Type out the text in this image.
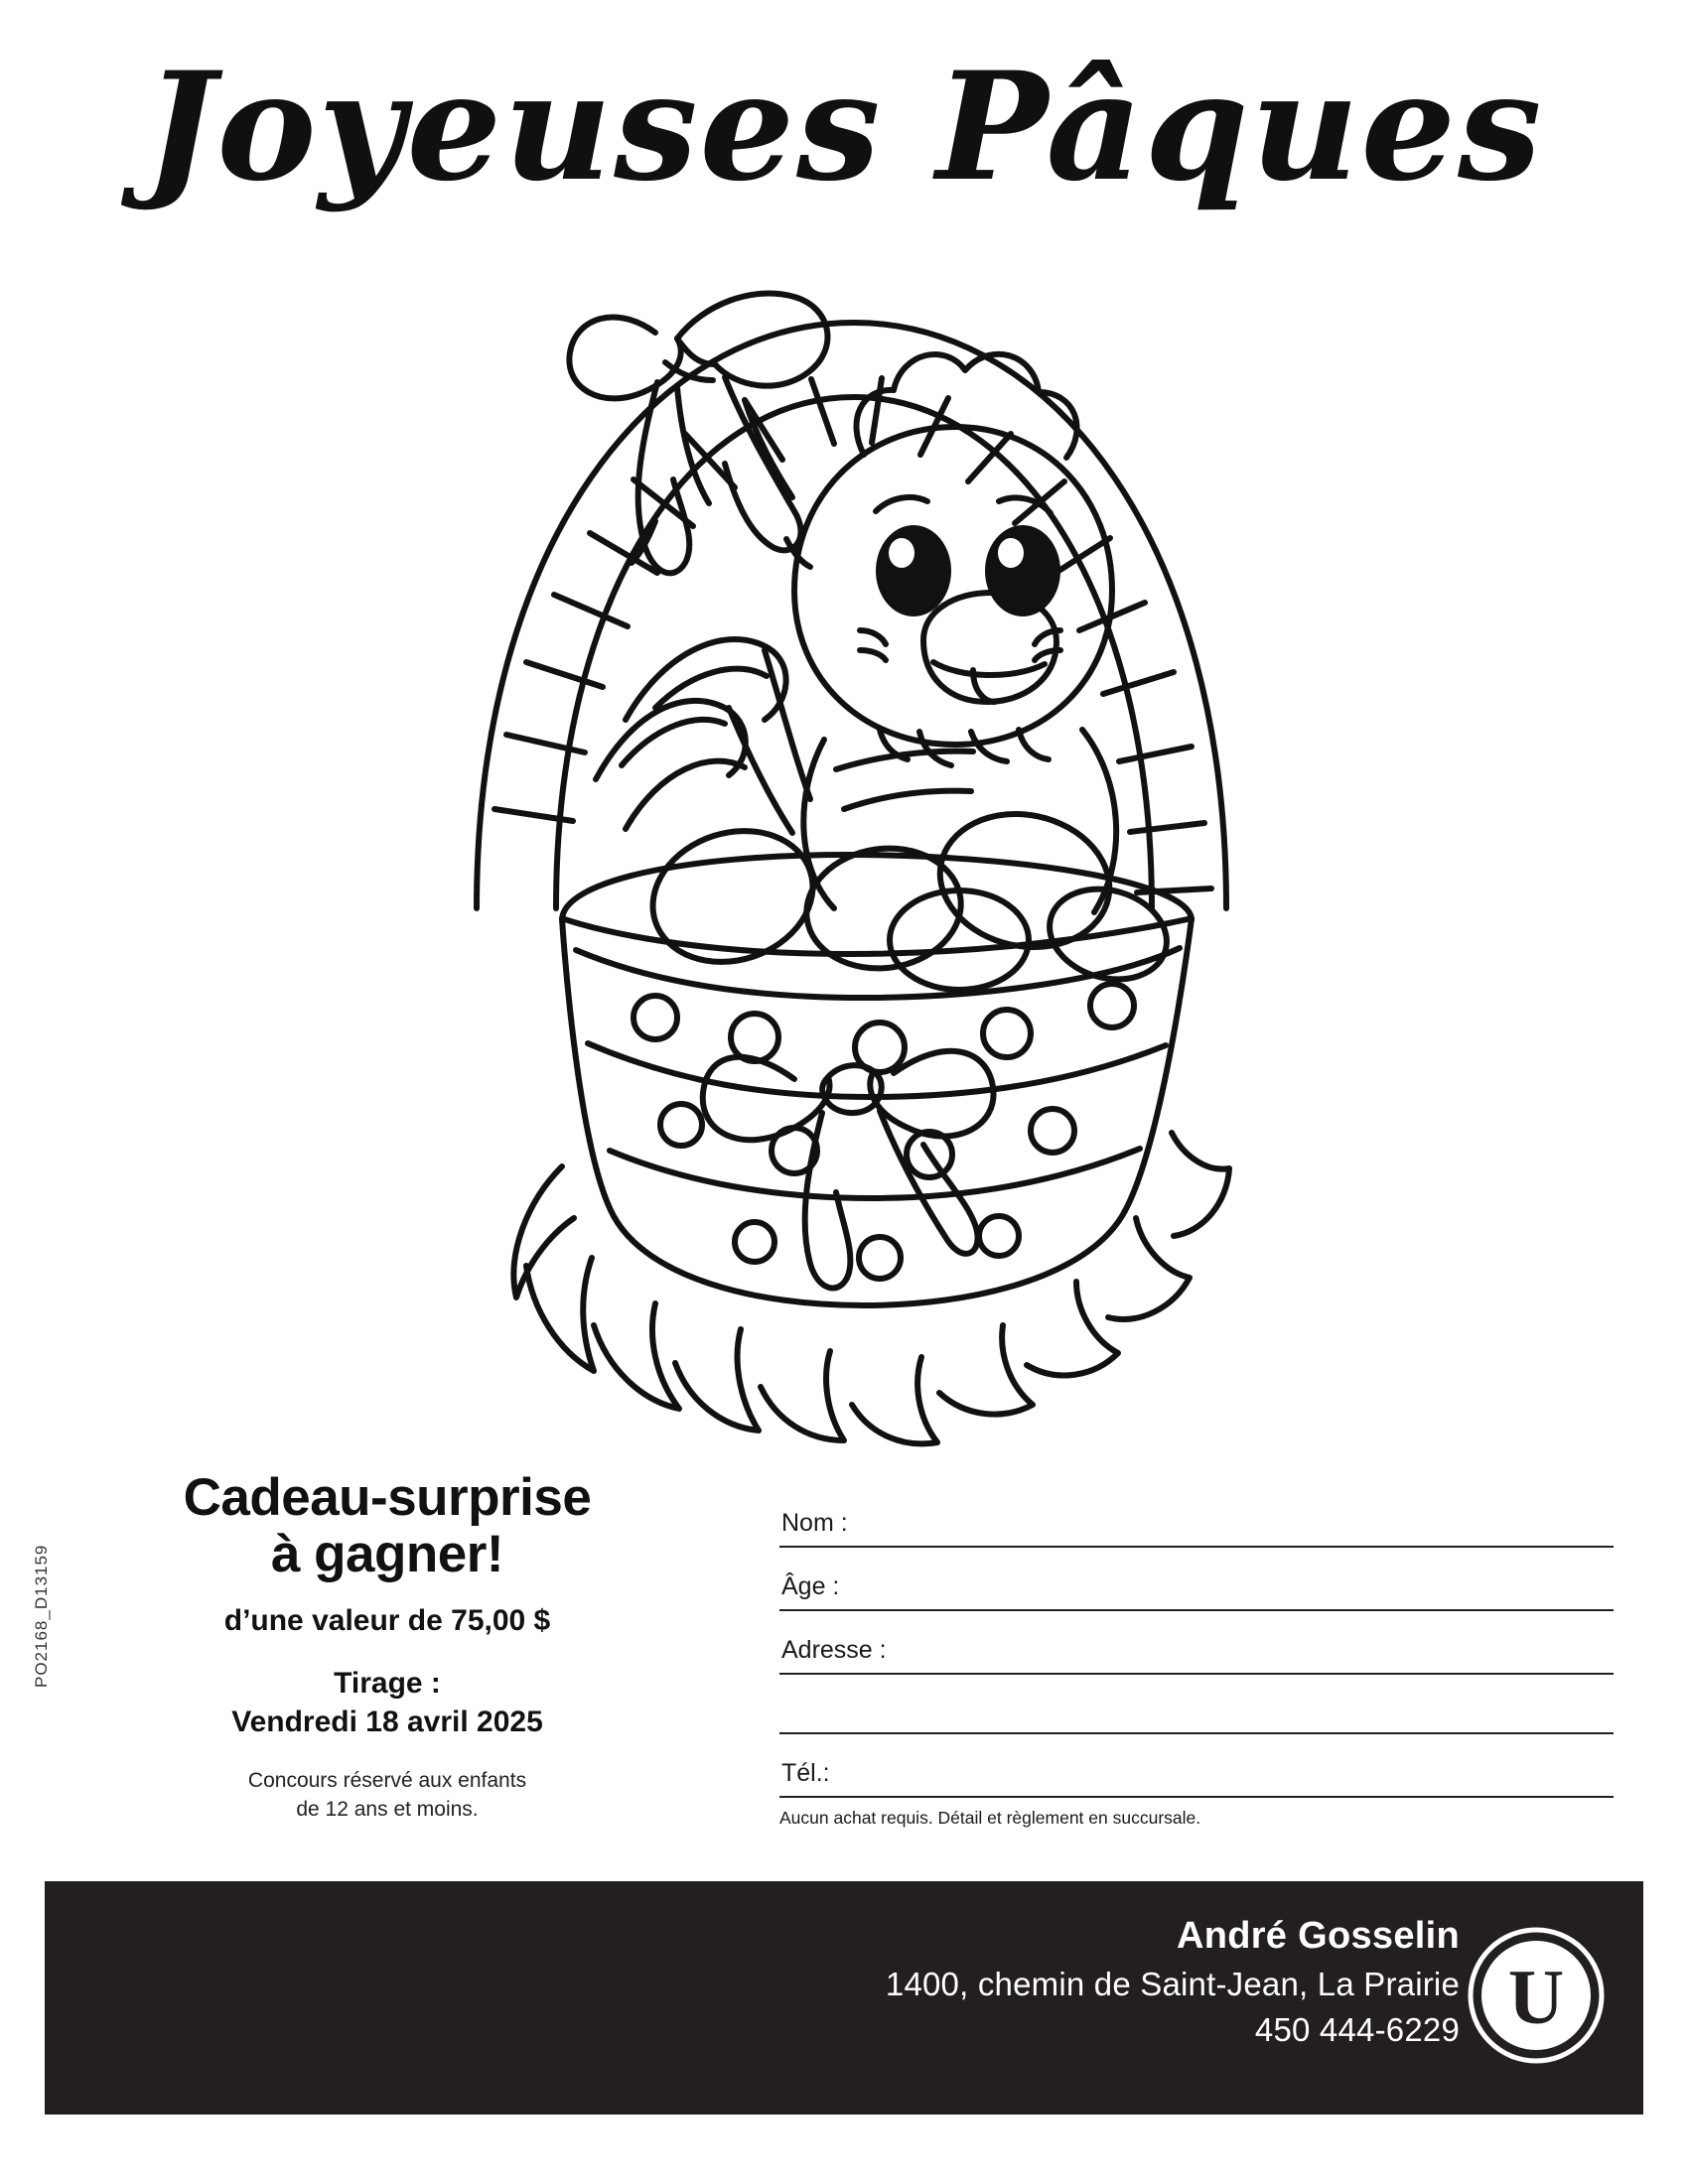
Joyeuses Pâques
PO2168_D13159
Cadeau-surprise
à gagner!
d’une valeur de 75,00 $
Tirage :
Vendredi 18 avril 2025
Concours réservé aux enfants
de 12 ans et moins.
Nom :
Âge :
Adresse :
Tél.:
Aucun achat requis. Détail et règlement en succursale.
André Gosselin
1400, chemin de Saint-Jean, La Prairie
450 444-6229 U
